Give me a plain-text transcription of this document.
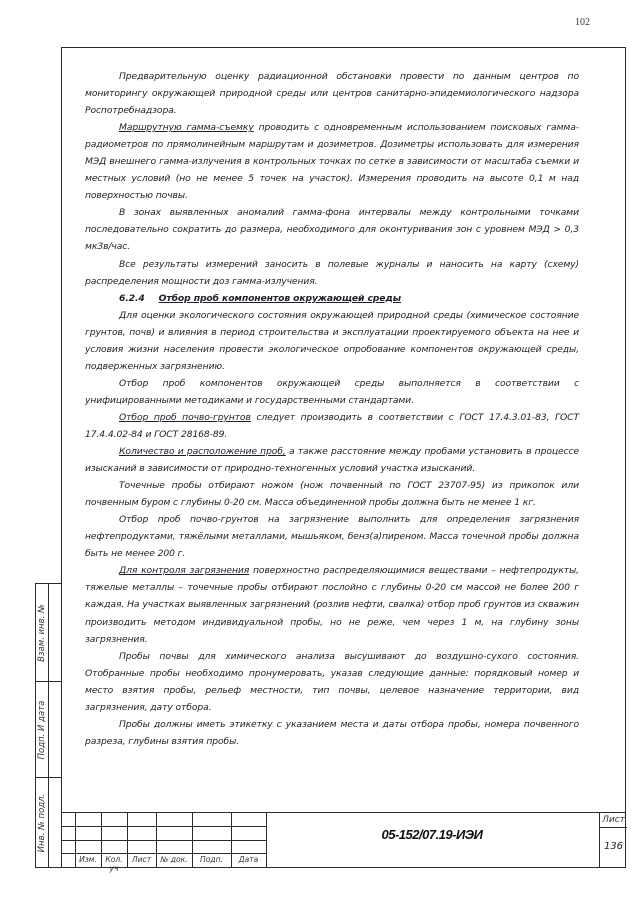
102

Предварительную оценку радиационной обстановки провести по данным центров по мониторингу окружающей природной среды или центров санитарно-эпидемиологического надзора Роспотребнадзора.

Маршрутную гамма-съемку проводить с одновременным использованием поисковых гамма-радиометров по прямолинейным маршрутам и дозиметров. Дозиметры использовать для измерения МЭД внешнего гамма-излучения в контрольных точках по сетке в зависимости от масштаба съемки и местных условий (но не менее 5 точек на участок). Измерения проводить на высоте 0,1 м над поверхностью почвы.

В зонах выявленных аномалий гамма-фона интервалы между контрольными точками последовательно сократить до размера, необходимого для оконтуривания зон с уровнем МЭД > 0,3 мкЗв/час.

Все результаты измерений заносить в полевые журналы и наносить на карту (схему) распределения мощности доз гамма-излучения.

6.2.4 Отбор проб компонентов окружающей среды

Для оценки экологического состояния окружающей природной среды (химическое состояние грунтов, почв) и влияния в период строительства и эксплуатации проектируемого объекта на нее и условия жизни населения провести экологическое опробование компонентов окружающей среды, подверженных загрязнению.

Отбор проб компонентов окружающей среды выполняется в соответствии с унифицированными методиками и государственными стандартами.

Отбор проб почво-грунтов следует производить в соответствии с ГОСТ 17.4.3.01-83, ГОСТ 17.4.4.02-84 и ГОСТ 28168-89.

Количество и расположение проб, а также расстояние между пробами установить в процессе изысканий в зависимости от природно-техногенных условий участка изысканий.

Точечные пробы отбирают ножом (нож почвенный по ГОСТ 23707-95) из прикопок или почвенным буром с глубины 0-20 см. Масса объединенной пробы должна быть не менее 1 кг.

Отбор проб почво-грунтов на загрязнение выполнить для определения загрязнения нефтепродуктами, тяжёлыми металлами, мышьяком, бенз(а)пиреном. Масса точечной пробы должна быть не менее 200 г.

Для контроля загрязнения поверхностно распределяющимися веществами – нефтепродукты, тяжелые металлы – точечные пробы отбирают послойно с глубины 0-20 см массой не более 200 г каждая. На участках выявленных загрязнений (розлив нефти, свалка) отбор проб грунтов из скважин производить методом индивидуальной пробы, но не реже, чем через 1 м, на глубину зоны загрязнения.

Пробы почвы для химического анализа высушивают до воздушно-сухого состояния. Отобранные пробы необходимо пронумеровать, указав следующие данные: порядковый номер и место взятия пробы, рельеф местности, тип почвы, целевое назначение территории, вид загрязнения, дату отбора.

Пробы должны иметь этикетку с указанием места и даты отбора пробы, номера почвенного разреза, глубины взятия пробы.

Взам. инв. №
Подп. И дата
Инв. № подл.
Изм.	Кол. уч
Лист	№ док.	Подп.	Дата
05-152/07.19-ИЭИ
Лист
136
